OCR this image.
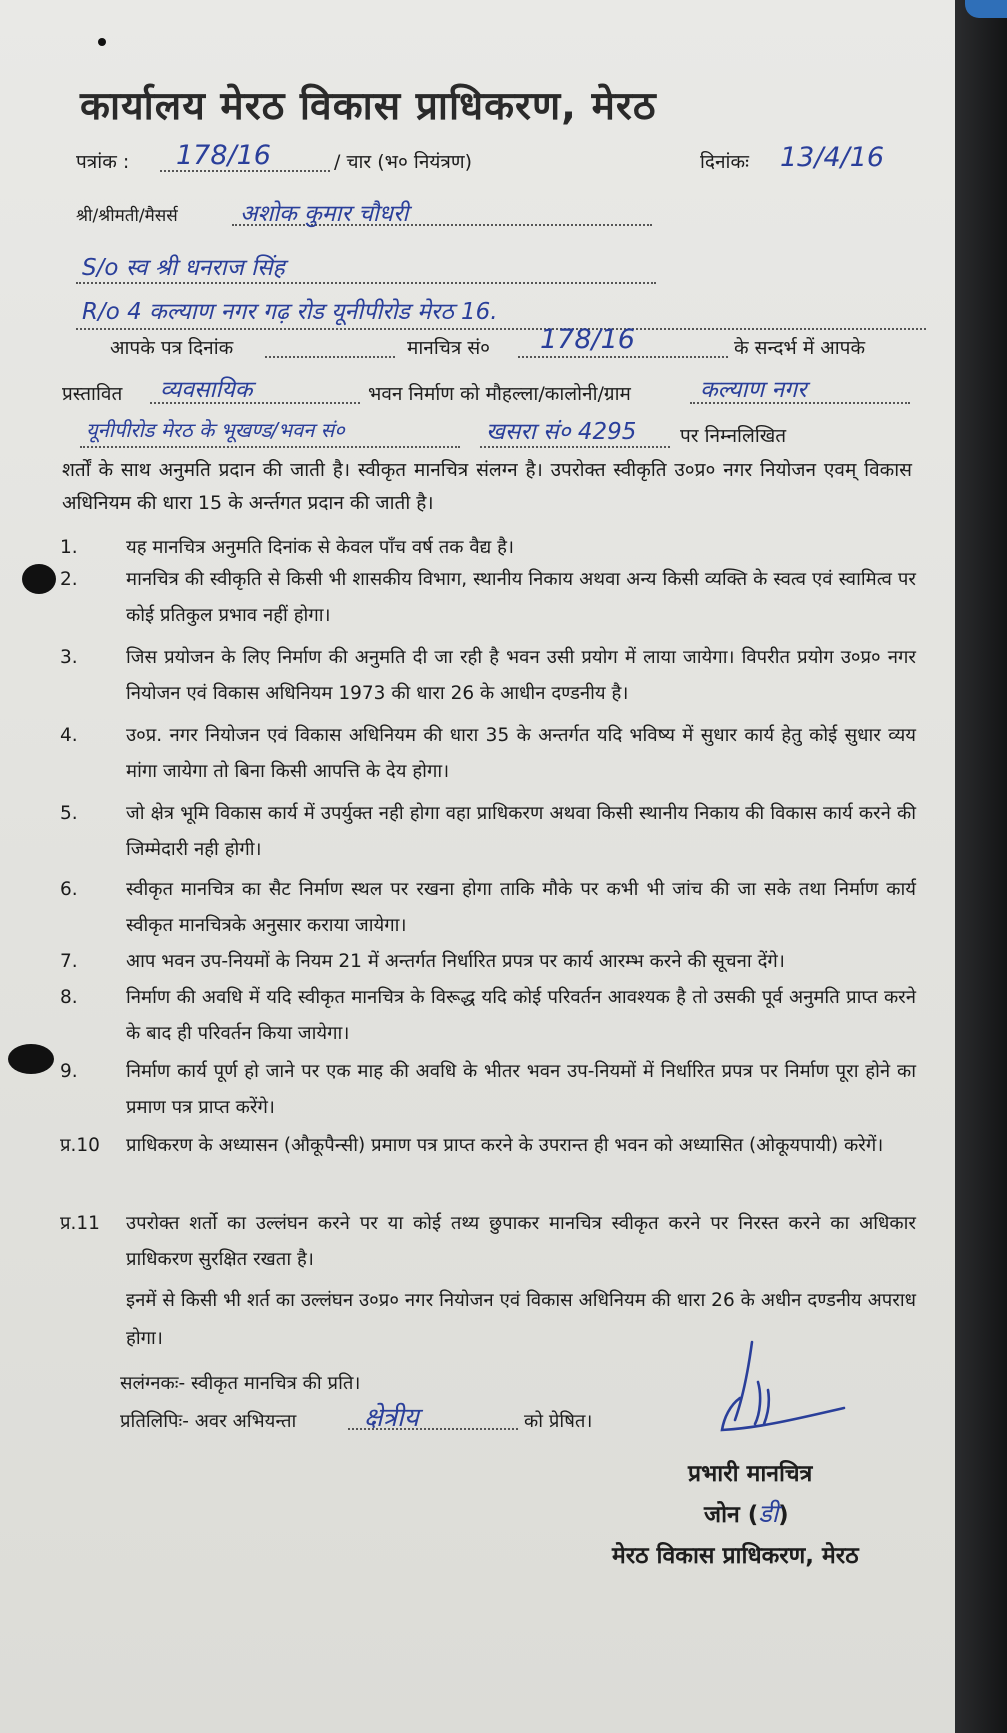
कार्यालय मेरठ विकास प्राधिकरण, मेरठ
पत्रांक : 178/16	/ चार (भ० नियंत्रण)	दिनांकः 13/4/16
श्री/श्रीमती/मैसर्स	अशोक कुमार चौधरी
S/o स्व श्री धनराज सिंह
R/o 4 कल्याण नगर गढ़ रोड यूनीपीरोड मेरठ 16.
आपके पत्र दिनांक	मानचित्र सं० 178/16	के सन्दर्भ में आपके
प्रस्तावित व्यवसायिक	भवन निर्माण को मौहल्ला/कालोनी/ग्राम	कल्याण नगर
यूनीपीरोड मेरठ के भूखण्ड/भवन सं०	खसरा सं० 4295 पर निम्नलिखित
शर्तों के साथ अनुमति प्रदान की जाती है। स्वीकृत मानचित्र संलग्न है। उपरोक्त स्वीकृति उ०प्र० नगर नियोजन एवम् विकास अधिनियम की धारा 15 के अर्न्तगत प्रदान की जाती है।
1.	यह मानचित्र अनुमति दिनांक से केवल पाँच वर्ष तक वैद्य है।
2.	मानचित्र की स्वीकृति से किसी भी शासकीय विभाग, स्थानीय निकाय अथवा अन्य किसी व्यक्ति के स्वत्व एवं स्वामित्व पर कोई प्रतिकुल प्रभाव नहीं होगा।
3.	जिस प्रयोजन के लिए निर्माण की अनुमति दी जा रही है भवन उसी प्रयोग में लाया जायेगा। विपरीत प्रयोग उ०प्र० नगर नियोजन एवं विकास अधिनियम 1973 की धारा 26 के आधीन दण्डनीय है।
4.	उ०प्र. नगर नियोजन एवं विकास अधिनियम की धारा 35 के अन्तर्गत यदि भविष्य में सुधार कार्य हेतु कोई सुधार व्यय मांगा जायेगा तो बिना किसी आपत्ति के देय होगा।
5.	जो क्षेत्र भूमि विकास कार्य में उपर्युक्त नही होगा वहा प्राधिकरण अथवा किसी स्थानीय निकाय की विकास कार्य करने की जिम्मेदारी नही होगी।
6.	स्वीकृत मानचित्र का सैट निर्माण स्थल पर रखना होगा ताकि मौके पर कभी भी जांच की जा सके तथा निर्माण कार्य स्वीकृत मानचित्रके अनुसार कराया जायेगा।
7.	आप भवन उप-नियमों के नियम 21 में अन्तर्गत निर्धारित प्रपत्र पर कार्य आरम्भ करने की सूचना देंगे।
8.	निर्माण की अवधि में यदि स्वीकृत मानचित्र के विरूद्ध यदि कोई परिवर्तन आवश्यक है तो उसकी पूर्व अनुमति प्राप्त करने के बाद ही परिवर्तन किया जायेगा।
9.	निर्माण कार्य पूर्ण हो जाने पर एक माह की अवधि के भीतर भवन उप-नियमों में निर्धारित प्रपत्र पर निर्माण पूरा होने का प्रमाण पत्र प्राप्त करेंगे।
प्र.10	प्राधिकरण के अध्यासन (औकूपैन्सी) प्रमाण पत्र प्राप्त करने के उपरान्त ही भवन को अध्यासित (ओकूयपायी) करेगें।
प्र.11	उपरोक्त शर्तो का उल्लंघन करने पर या कोई तथ्य छुपाकर मानचित्र स्वीकृत करने पर निरस्त करने का अधिकार प्राधिकरण सुरक्षित रखता है।
इनमें से किसी भी शर्त का उल्लंघन उ०प्र० नगर नियोजन एवं विकास अधिनियम की धारा 26 के अधीन दण्डनीय अपराध होगा।
सलंग्नकः- स्वीकृत मानचित्र की प्रति।
प्रतिलिपिः- अवर अभियन्ता	क्षेत्रीय	को प्रेषित।
प्रभारी मानचित्र
जोन (डी)
मेरठ विकास प्राधिकरण, मेरठ
